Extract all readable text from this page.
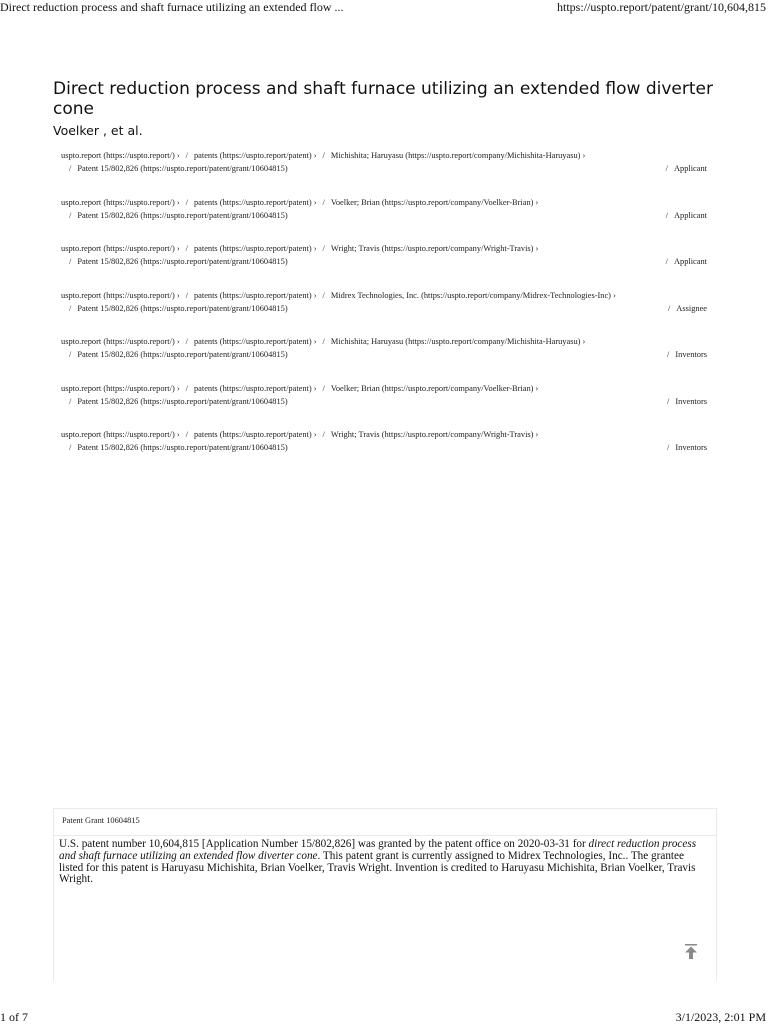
Direct reduction process and shaft furnace utilizing an extended flow ...	https://uspto.report/patent/grant/10,604,815
Direct reduction process and shaft furnace utilizing an extended flow diverter cone
Voelker , et al.
uspto.report (https://uspto.report/) › / patents (https://uspto.report/patent) › / Michishita; Haruyasu (https://uspto.report/company/Michishita-Haruyasu) ›
/ Patent 15/802,826 (https://uspto.report/patent/grant/10604815)	/ Applicant
uspto.report (https://uspto.report/) › / patents (https://uspto.report/patent) › / Voelker; Brian (https://uspto.report/company/Voelker-Brian) ›
/ Patent 15/802,826 (https://uspto.report/patent/grant/10604815)	/ Applicant
uspto.report (https://uspto.report/) › / patents (https://uspto.report/patent) › / Wright; Travis (https://uspto.report/company/Wright-Travis) ›
/ Patent 15/802,826 (https://uspto.report/patent/grant/10604815)	/ Applicant
uspto.report (https://uspto.report/) › / patents (https://uspto.report/patent) › / Midrex Technologies, Inc. (https://uspto.report/company/Midrex-Technologies-Inc) ›
/ Patent 15/802,826 (https://uspto.report/patent/grant/10604815)	/ Assignee
uspto.report (https://uspto.report/) › / patents (https://uspto.report/patent) › / Michishita; Haruyasu (https://uspto.report/company/Michishita-Haruyasu) ›
/ Patent 15/802,826 (https://uspto.report/patent/grant/10604815)	/ Inventors
uspto.report (https://uspto.report/) › / patents (https://uspto.report/patent) › / Voelker; Brian (https://uspto.report/company/Voelker-Brian) ›
/ Patent 15/802,826 (https://uspto.report/patent/grant/10604815)	/ Inventors
uspto.report (https://uspto.report/) › / patents (https://uspto.report/patent) › / Wright; Travis (https://uspto.report/company/Wright-Travis) ›
/ Patent 15/802,826 (https://uspto.report/patent/grant/10604815)	/ Inventors
Patent Grant 10604815
U.S. patent number 10,604,815 [Application Number 15/802,826] was granted by the patent office on 2020-03-31 for direct reduction process and shaft furnace utilizing an extended flow diverter cone. This patent grant is currently assigned to Midrex Technologies, Inc.. The grantee listed for this patent is Haruyasu Michishita, Brian Voelker, Travis Wright. Invention is credited to Haruyasu Michishita, Brian Voelker, Travis Wright.
1 of 7	3/1/2023, 2:01 PM
